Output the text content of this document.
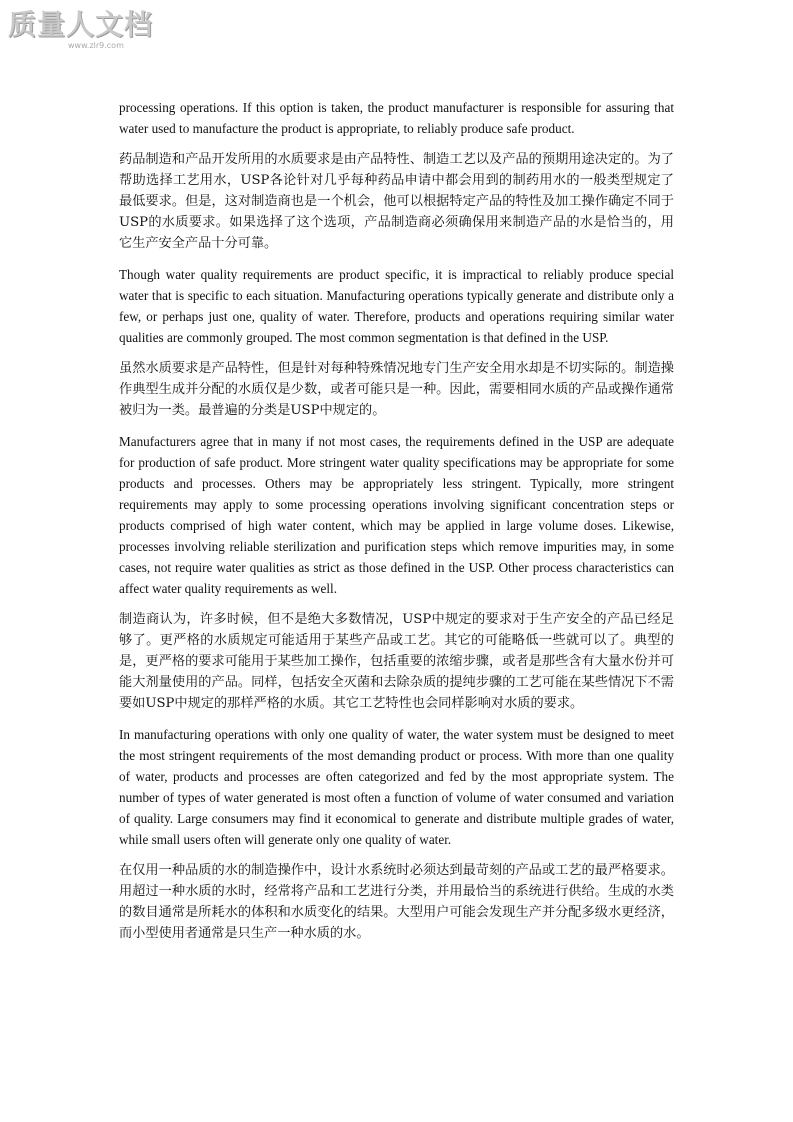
质量人文档
www.zlr9.com

processing operations. If this option is taken, the product manufacturer is responsible for assuring that water used to manufacture the product is appropriate, to reliably produce safe product.

药品制造和产品开发所用的水质要求是由产品特性、制造工艺以及产品的预期用途决定的。为了帮助选择工艺用水，USP各论针对几乎每种药品申请中都会用到的制药用水的一般类型规定了最低要求。但是，这对制造商也是一个机会，他可以根据特定产品的特性及加工操作确定不同于USP的水质要求。如果选择了这个选项，产品制造商必须确保用来制造产品的水是恰当的，用它生产安全产品十分可靠。

Though water quality requirements are product specific, it is impractical to reliably produce special water that is specific to each situation. Manufacturing operations typically generate and distribute only a few, or perhaps just one, quality of water. Therefore, products and operations requiring similar water qualities are commonly grouped. The most common segmentation is that defined in the USP.

虽然水质要求是产品特性，但是针对每种特殊情况地专门生产安全用水却是不切实际的。制造操作典型生成并分配的水质仅是少数，或者可能只是一种。因此，需要相同水质的产品或操作通常被归为一类。最普遍的分类是USP中规定的。

Manufacturers agree that in many if not most cases, the requirements defined in the USP are adequate for production of safe product. More stringent water quality specifications may be appropriate for some products and processes. Others may be appropriately less stringent. Typically, more stringent requirements may apply to some processing operations involving significant concentration steps or products comprised of high water content, which may be applied in large volume doses. Likewise, processes involving reliable sterilization and purification steps which remove impurities may, in some cases, not require water qualities as strict as those defined in the USP. Other process characteristics can affect water quality requirements as well.

制造商认为，许多时候，但不是绝大多数情况，USP中规定的要求对于生产安全的产品已经足够了。更严格的水质规定可能适用于某些产品或工艺。其它的可能略低一些就可以了。典型的是，更严格的要求可能用于某些加工操作，包括重要的浓缩步骤，或者是那些含有大量水份并可能大剂量使用的产品。同样，包括安全灭菌和去除杂质的提纯步骤的工艺可能在某些情况下不需要如USP中规定的那样严格的水质。其它工艺特性也会同样影响对水质的要求。

In manufacturing operations with only one quality of water, the water system must be designed to meet the most stringent requirements of the most demanding product or process. With more than one quality of water, products and processes are often categorized and fed by the most appropriate system. The number of types of water generated is most often a function of volume of water consumed and variation of quality. Large consumers may find it economical to generate and distribute multiple grades of water, while small users often will generate only one quality of water.

在仅用一种品质的水的制造操作中，设计水系统时必须达到最苛刻的产品或工艺的最严格要求。用超过一种水质的水时，经常将产品和工艺进行分类，并用最恰当的系统进行供给。生成的水类的数目通常是所耗水的体积和水质变化的结果。大型用户可能会发现生产并分配多级水更经济，而小型使用者通常是只生产一种水质的水。
